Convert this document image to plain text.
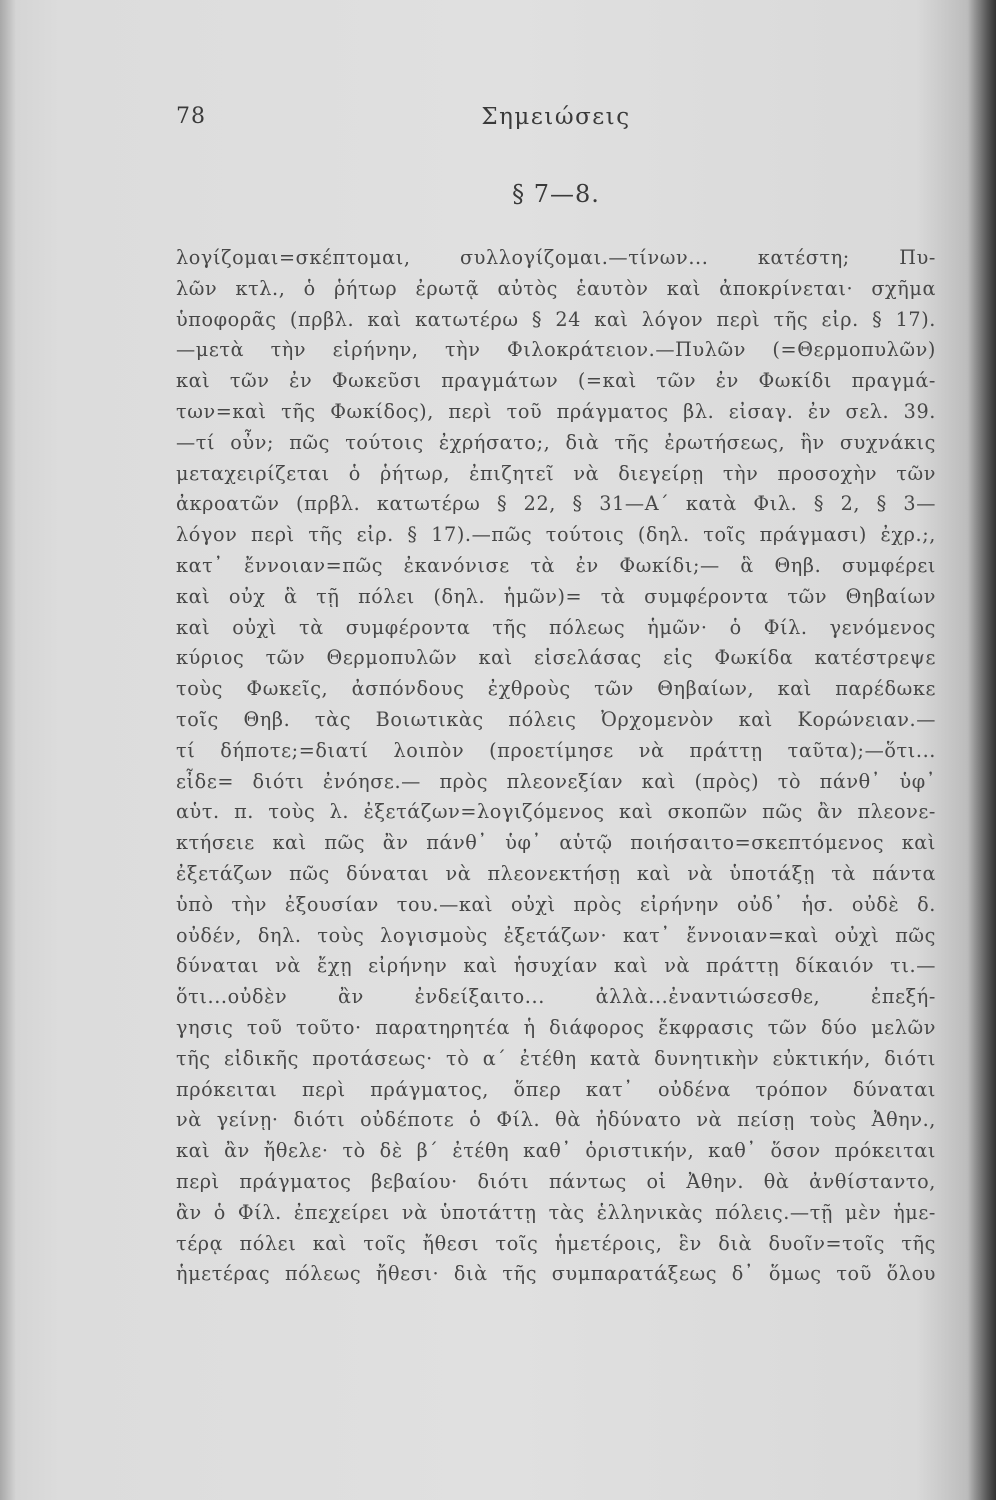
78	Σημειώσεις
§ 7—8.
λογίζομαι=σκέπτομαι, συλλογίζομαι.—τίνων... κατέστη; Πυ-
λῶν κτλ., ὁ ῥήτωρ ἐρωτᾷ αὐτὸς ἑαυτὸν καὶ ἀποκρίνεται· σχῆμα
ὑποφορᾶς (πρβλ. καὶ κατωτέρω § 24 καὶ λόγον περὶ τῆς εἰρ. § 17).
—μετὰ τὴν εἰρήνην, τὴν Φιλοκράτειον.—Πυλῶν (=Θερμοπυλῶν)
καὶ τῶν ἐν Φωκεῦσι πραγμάτων (=καὶ τῶν ἐν Φωκίδι πραγμά-
των=καὶ τῆς Φωκίδος), περὶ τοῦ πράγματος βλ. εἰσαγ. ἐν σελ. 39.
—τί οὖν; πῶς τούτοις ἐχρήσατο;, διὰ τῆς ἐρωτήσεως, ἣν συχνάκις
μεταχειρίζεται ὁ ῥήτωρ, ἐπιζητεῖ νὰ διεγείρῃ τὴν προσοχὴν τῶν
ἀκροατῶν (πρβλ. κατωτέρω § 22, § 31—Α΄ κατὰ Φιλ. § 2, § 3—
λόγον περὶ τῆς εἰρ. § 17).—πῶς τούτοις (δηλ. τοῖς πράγμασι) ἐχρ.;,
κατ᾽ ἔννοιαν=πῶς ἐκανόνισε τὰ ἐν Φωκίδι;— ἃ Θηβ. συμφέρει
καὶ οὐχ ἃ τῇ πόλει (δηλ. ἡμῶν)= τὰ συμφέροντα τῶν Θηβαίων
καὶ οὐχὶ τὰ συμφέροντα τῆς πόλεως ἡμῶν· ὁ Φίλ. γενόμενος
κύριος τῶν Θερμοπυλῶν καὶ εἰσελάσας εἰς Φωκίδα κατέστρεψε
τοὺς Φωκεῖς, ἀσπόνδους ἐχθροὺς τῶν Θηβαίων, καὶ παρέδωκε
τοῖς Θηβ. τὰς Βοιωτικὰς πόλεις Ὀρχομενὸν καὶ Κορώνειαν.—
τί δήποτε;=διατί λοιπὸν (προετίμησε νὰ πράττῃ ταῦτα);—ὅτι...
εἶδε= διότι ἐνόησε.— πρὸς πλεονεξίαν καὶ (πρὸς) τὸ πάνθ᾽ ὑφ᾽
αὑτ. π. τοὺς λ. ἐξετάζων=λογιζόμενος καὶ σκοπῶν πῶς ἂν πλεονε-
κτήσειε καὶ πῶς ἂν πάνθ᾽ ὑφ᾽ αὑτῷ ποιήσαιτο=σκεπτόμενος καὶ
ἐξετάζων πῶς δύναται νὰ πλεονεκτήσῃ καὶ νὰ ὑποτάξῃ τὰ πάντα
ὑπὸ τὴν ἐξουσίαν του.—καὶ οὐχὶ πρὸς εἰρήνην οὐδ᾽ ἡσ. οὐδὲ δ.
οὐδέν, δηλ. τοὺς λογισμοὺς ἐξετάζων· κατ᾽ ἔννοιαν=καὶ οὐχὶ πῶς
δύναται νὰ ἔχῃ εἰρήνην καὶ ἡσυχίαν καὶ νὰ πράττῃ δίκαιόν τι.—
ὅτι...οὐδὲν ἂν ἐνδείξαιτο... ἀλλὰ...ἐναντιώσεσθε, ἐπεξή-
γησις τοῦ τοῦτο· παρατηρητέα ἡ διάφορος ἔκφρασις τῶν δύο μελῶν
τῆς εἰδικῆς προτάσεως· τὸ α΄ ἐτέθη κατὰ δυνητικὴν εὐκτικήν, διότι
πρόκειται περὶ πράγματος, ὅπερ κατ᾽ οὐδένα τρόπον δύναται
νὰ γείνῃ· διότι οὐδέποτε ὁ Φίλ. θὰ ἠδύνατο νὰ πείσῃ τοὺς Ἀθην.,
καὶ ἂν ἤθελε· τὸ δὲ β΄ ἐτέθη καθ᾽ ὁριστικήν, καθ᾽ ὅσον πρόκειται
περὶ πράγματος βεβαίου· διότι πάντως οἱ Ἀθην. θὰ ἀνθίσταντο,
ἂν ὁ Φίλ. ἐπεχείρει νὰ ὑποτάττῃ τὰς ἑλληνικὰς πόλεις.—τῇ μὲν ἡμε-
τέρᾳ πόλει καὶ τοῖς ἤθεσι τοῖς ἡμετέροις, ἓν διὰ δυοῖν=τοῖς τῆς
ἡμετέρας πόλεως ἤθεσι· διὰ τῆς συμπαρατάξεως δ᾽ ὅμως τοῦ ὅλου
